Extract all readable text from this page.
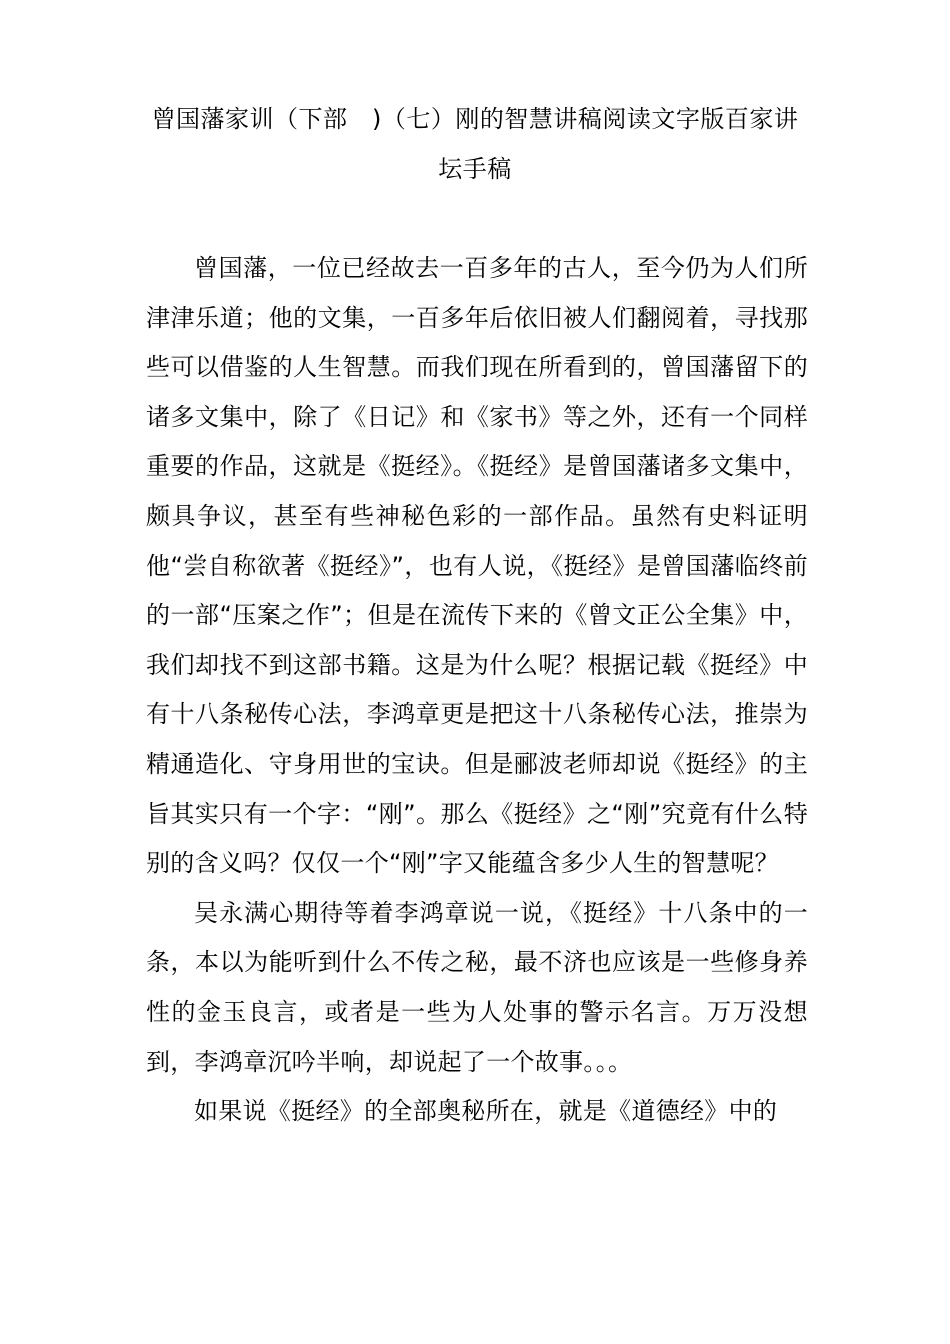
曾国藩家训（下部　)（七）刚的智慧讲稿阅读文字版百家讲坛手稿

曾国藩，一位已经故去一百多年的古人，至今仍为人们所津津乐道；他的文集，一百多年后依旧被人们翻阅着，寻找那些可以借鉴的人生智慧。而我们现在所看到的，曾国藩留下的诸多文集中，除了《日记》和《家书》等之外，还有一个同样重要的作品，这就是《挺经》。《挺经》是曾国藩诸多文集中，颇具争议，甚至有些神秘色彩的一部作品。虽然有史料证明他“尝自称欲著《挺经》”，也有人说，《挺经》是曾国藩临终前的一部“压案之作”；但是在流传下来的《曾文正公全集》中，我们却找不到这部书籍。这是为什么呢？根据记载《挺经》中有十八条秘传心法，李鸿章更是把这十八条秘传心法，推崇为精通造化、守身用世的宝诀。但是郦波老师却说《挺经》的主旨其实只有一个字：“刚”。那么《挺经》之“刚”究竟有什么特别的含义吗？仅仅一个“刚”字又能蕴含多少人生的智慧呢？

吴永满心期待等着李鸿章说一说，《挺经》十八条中的一条，本以为能听到什么不传之秘，最不济也应该是一些修身养性的金玉良言，或者是一些为人处事的警示名言。万万没想到，李鸿章沉吟半响，却说起了一个故事。。。

如果说《挺经》的全部奥秘所在，就是《道德经》中的
